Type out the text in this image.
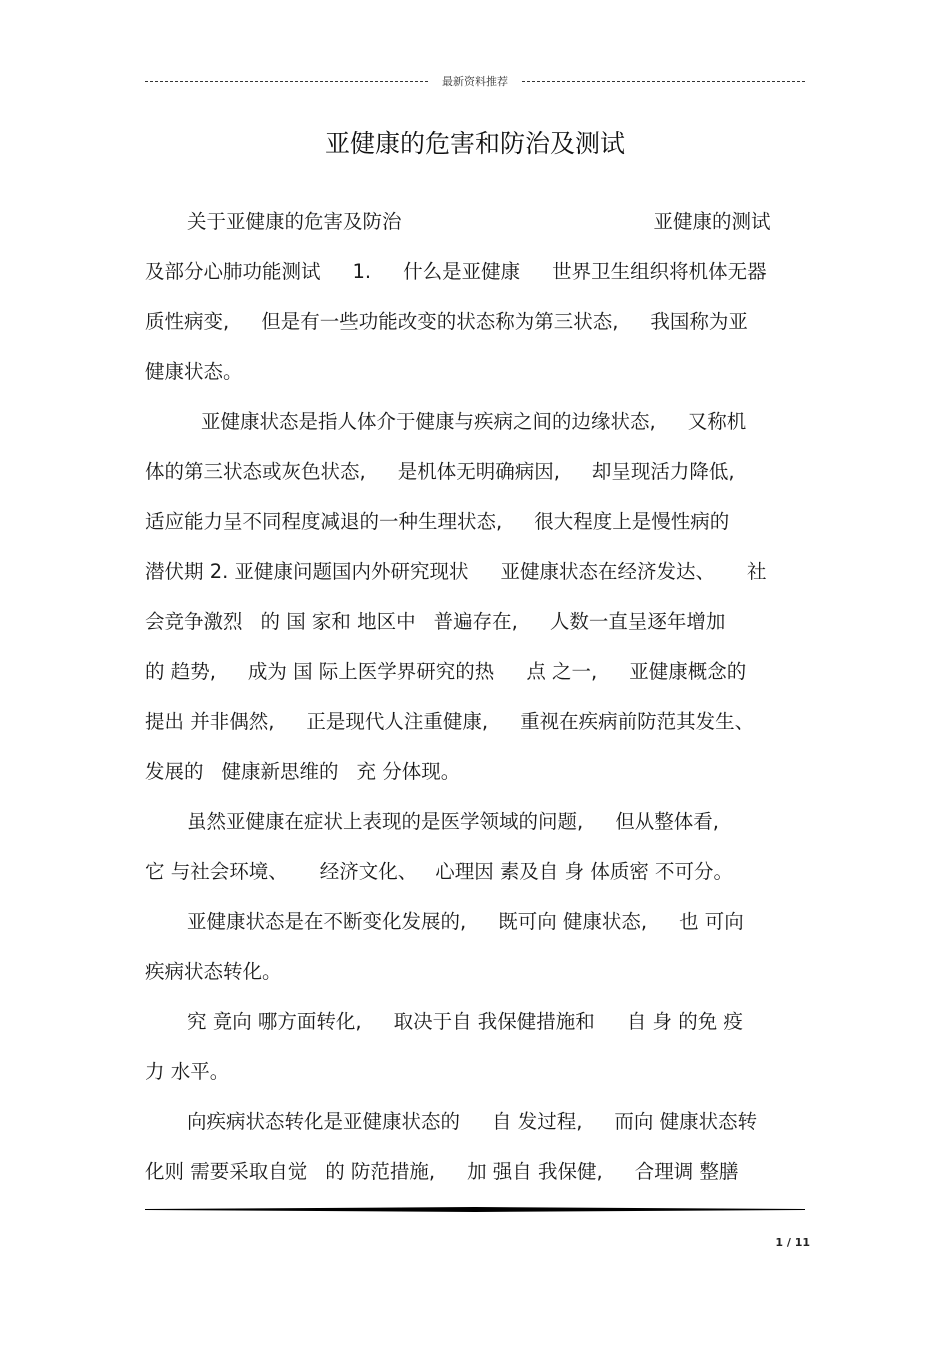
最新资料推荐
亚健康的危害和防治及测试
关于亚健康的危害及防治	亚健康的测试
及部分心肺功能测试 1. 什么是亚健康 世界卫生组织将机体无器
质性病变, 但是有一些功能改变的状态称为第三状态, 我国称为亚
健康状态。
亚健康状态是指人体介于健康与疾病之间的边缘状态, 又称机
体的第三状态或灰色状态, 是机体无明确病因, 却呈现活力降低,
适应能力呈不同程度减退的一种生理状态, 很大程度上是慢性病的
潜伏期 2. 亚健康问题国内外研究现状 亚健康状态在经济发达、 社
会竞争激烈 的 国 家和 地区中 普遍存在, 人数一直呈逐年增加
的 趋势, 成为 国 际上医学界研究的热 点 之一, 亚健康概念的
提出 并非偶然, 正是现代人注重健康, 重视在疾病前防范其发生、
发展的 健康新思维的 充 分体现。
虽然亚健康在症状上表现的是医学领域的问题, 但从整体看,
它 与社会环境、 经济文化、 心理因 素及自 身 体质密 不可分。
亚健康状态是在不断变化发展的, 既可向 健康状态, 也 可向
疾病状态转化。
究 竟向 哪方面转化, 取决于自 我保健措施和 自 身 的免 疫
力 水平。
向疾病状态转化是亚健康状态的 自 发过程, 而向 健康状态转
化则 需要采取自觉 的 防范措施, 加 强自 我保健, 合理调 整膳
1 / 11
